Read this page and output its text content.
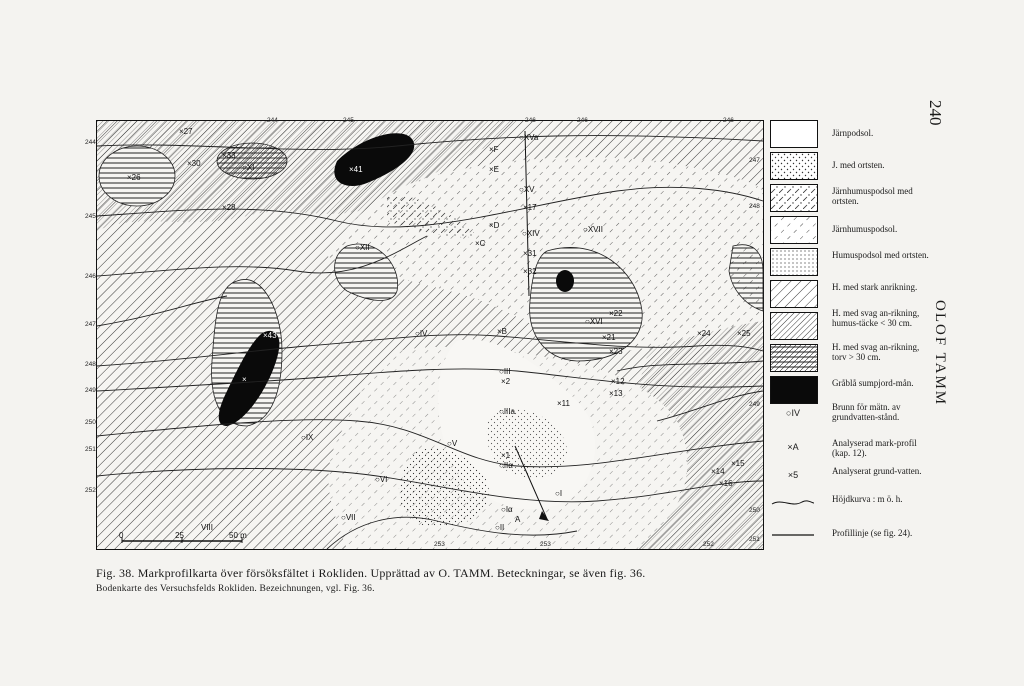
240
OLOF TAMM
244	245	246	246	246
244
245
246
247
248
249
250
251
252
247
248
249
250
251
253	253	252
×27
×30
×33
○XI
×26
×28
×41
×F
×E
○XVa
○XV
×17
×D
○XIV	○XVII
×C
×31
×32
○XII
×22
○XVI
×21
×23
×24	×25
×43
×
○IV	×B
○III
×2
○IIIa
×11
×12
×13
○IX
○V
×1
○IIα
○Iα
A
○VI
○VII
○I
○II
×15
×14
×16
VIII
0	25	50 m
Järnpodsol.
J. med ortsten.
Järnhumuspodsol med ortsten.
Järnhumuspodsol.
Humuspodsol med ortsten.
H. med stark anrikning.
H. med svag an-rikning, humus-täcke < 30 cm.
H. med svag an-rikning, torv > 30 cm.
Gråblå sumpjord-mån.
○IV
Brunn för mätn. av grundvatten-stånd.
×A	Analyserad mark-profil (kap. 12).
×5	Analyserat grund-vatten.
Höjdkurva : m ö. h.
Profillinje (se fig. 24).
Fig. 38. Markprofilkarta över försöksfältet i Rokliden. Upprättad av O. TAMM. Beteckningar, se även fig. 36.
Bodenkarte des Versuchsfelds Rokliden. Bezeichnungen, vgl. Fig. 36.
